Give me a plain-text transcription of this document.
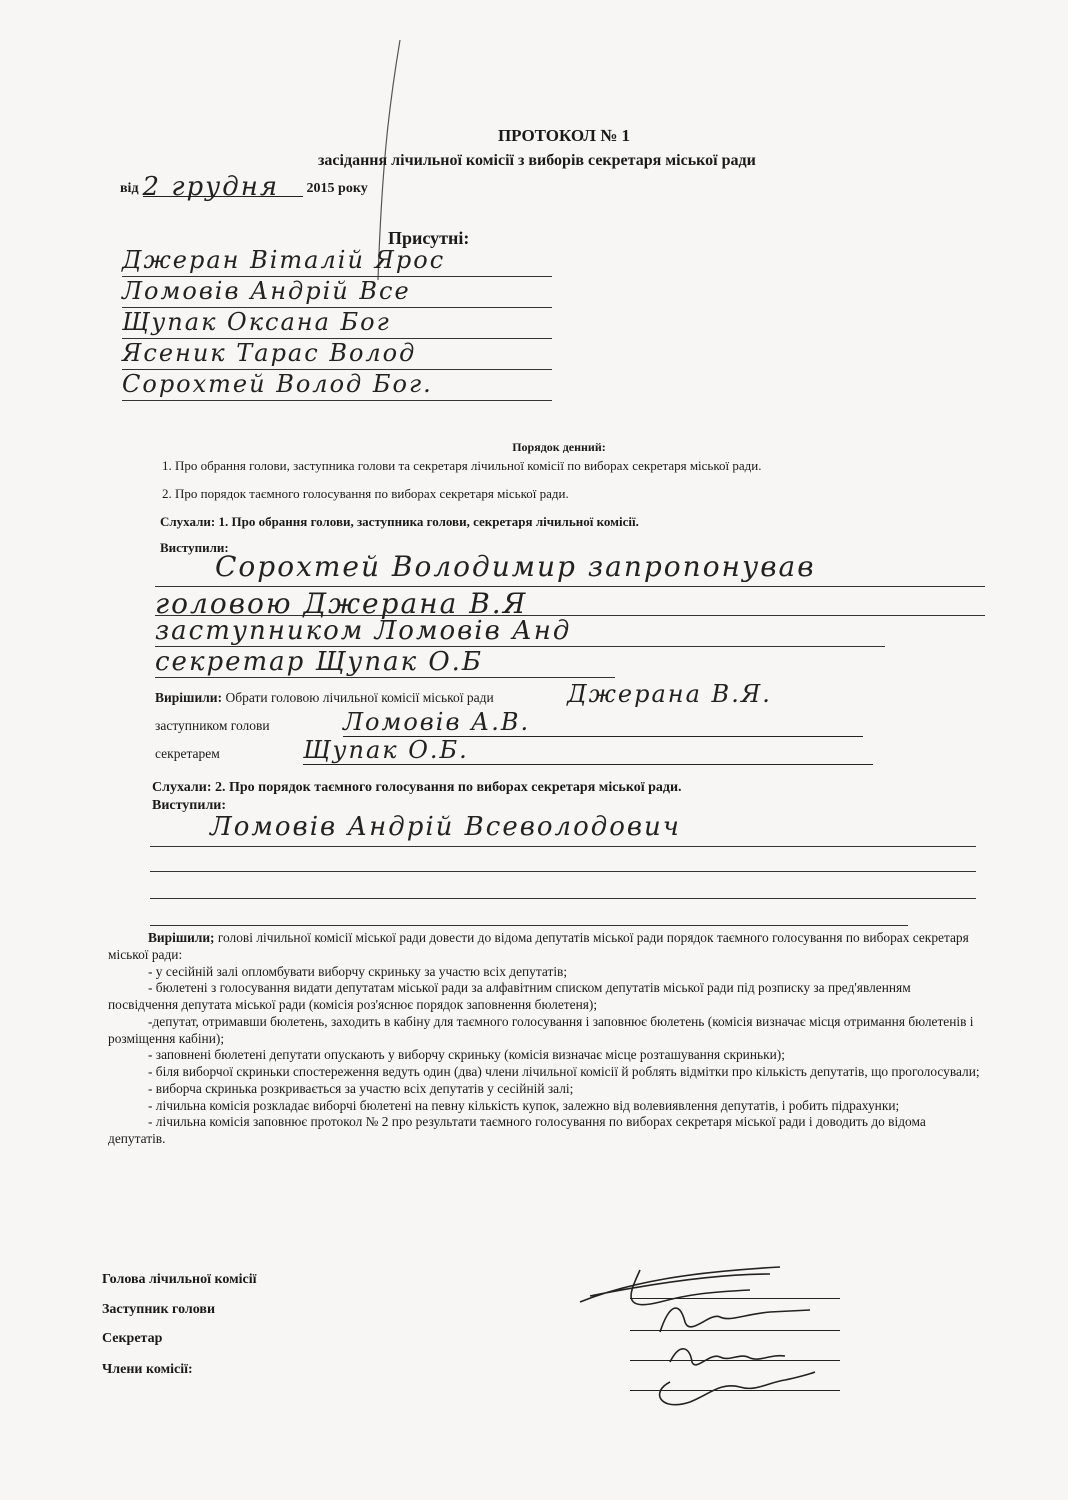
ПРОТОКОЛ № 1
засідання лічильної комісії з виборів секретаря міської ради
від 2 грудня 2015 року
Присутні:
Джеран Віталій Ярос
Ломовів Андрій Все
Щупак Оксана Бог
Ясеник Тарас Волод
Сорохтей Волод Бог.
Порядок денний:
1. Про обрання голови, заступника голови та секретаря лічильної комісії по виборах секретаря міської ради.
2. Про порядок таємного голосування по виборах секретаря міської ради.
Слухали: 1. Про обрання голови, заступника голови, секретаря лічильної комісії.
Виступили:
Сорохтей Володимир запропонував
головою Джерана В.Я
заступником Ломовів Анд
секретар Щупак О.Б
Вирішили: Обрати головою лічильної комісії міської ради	Джерана В.Я.
заступником голови	Ломовів А.В.
секретарем	Щупак О.Б.
Слухали: 2. Про порядок таємного голосування по виборах секретаря міської ради.
Виступили:
Ломовів Андрій Всеволодович
Вирішили; голові лічильної комісії міської ради довести до відома депутатів міської ради порядок таємного голосування по виборах секретаря міської ради:
- у сесійній залі опломбувати виборчу скриньку за участю всіх депутатів;
- бюлетені з голосування видати депутатам міської ради за алфавітним списком депутатів міської ради під розписку за пред'явленням посвідчення депутата міської ради (комісія роз'яснює порядок заповнення бюлетеня);
-депутат, отримавши бюлетень, заходить в кабіну для таємного голосування і заповнює бюлетень (комісія визначає місця отримання бюлетенів і розміщення кабіни);
- заповнені бюлетені депутати опускають у виборчу скриньку (комісія визначає місце розташування скриньки);
- біля виборчої скриньки спостереження ведуть один (два) члени лічильної комісії й роблять відмітки про кількість депутатів, що проголосували;
- виборча скринька розкривається за участю всіх депутатів у сесійній залі;
- лічильна комісія розкладає виборчі бюлетені на певну кількість купок, залежно від волевиявлення депутатів, і робить підрахунки;
- лічильна комісія заповнює протокол № 2 про результати таємного голосування по виборах секретаря міської ради і доводить до відома депутатів.
Голова лічильної комісії
Заступник голови
Секретар
Члени комісії:
